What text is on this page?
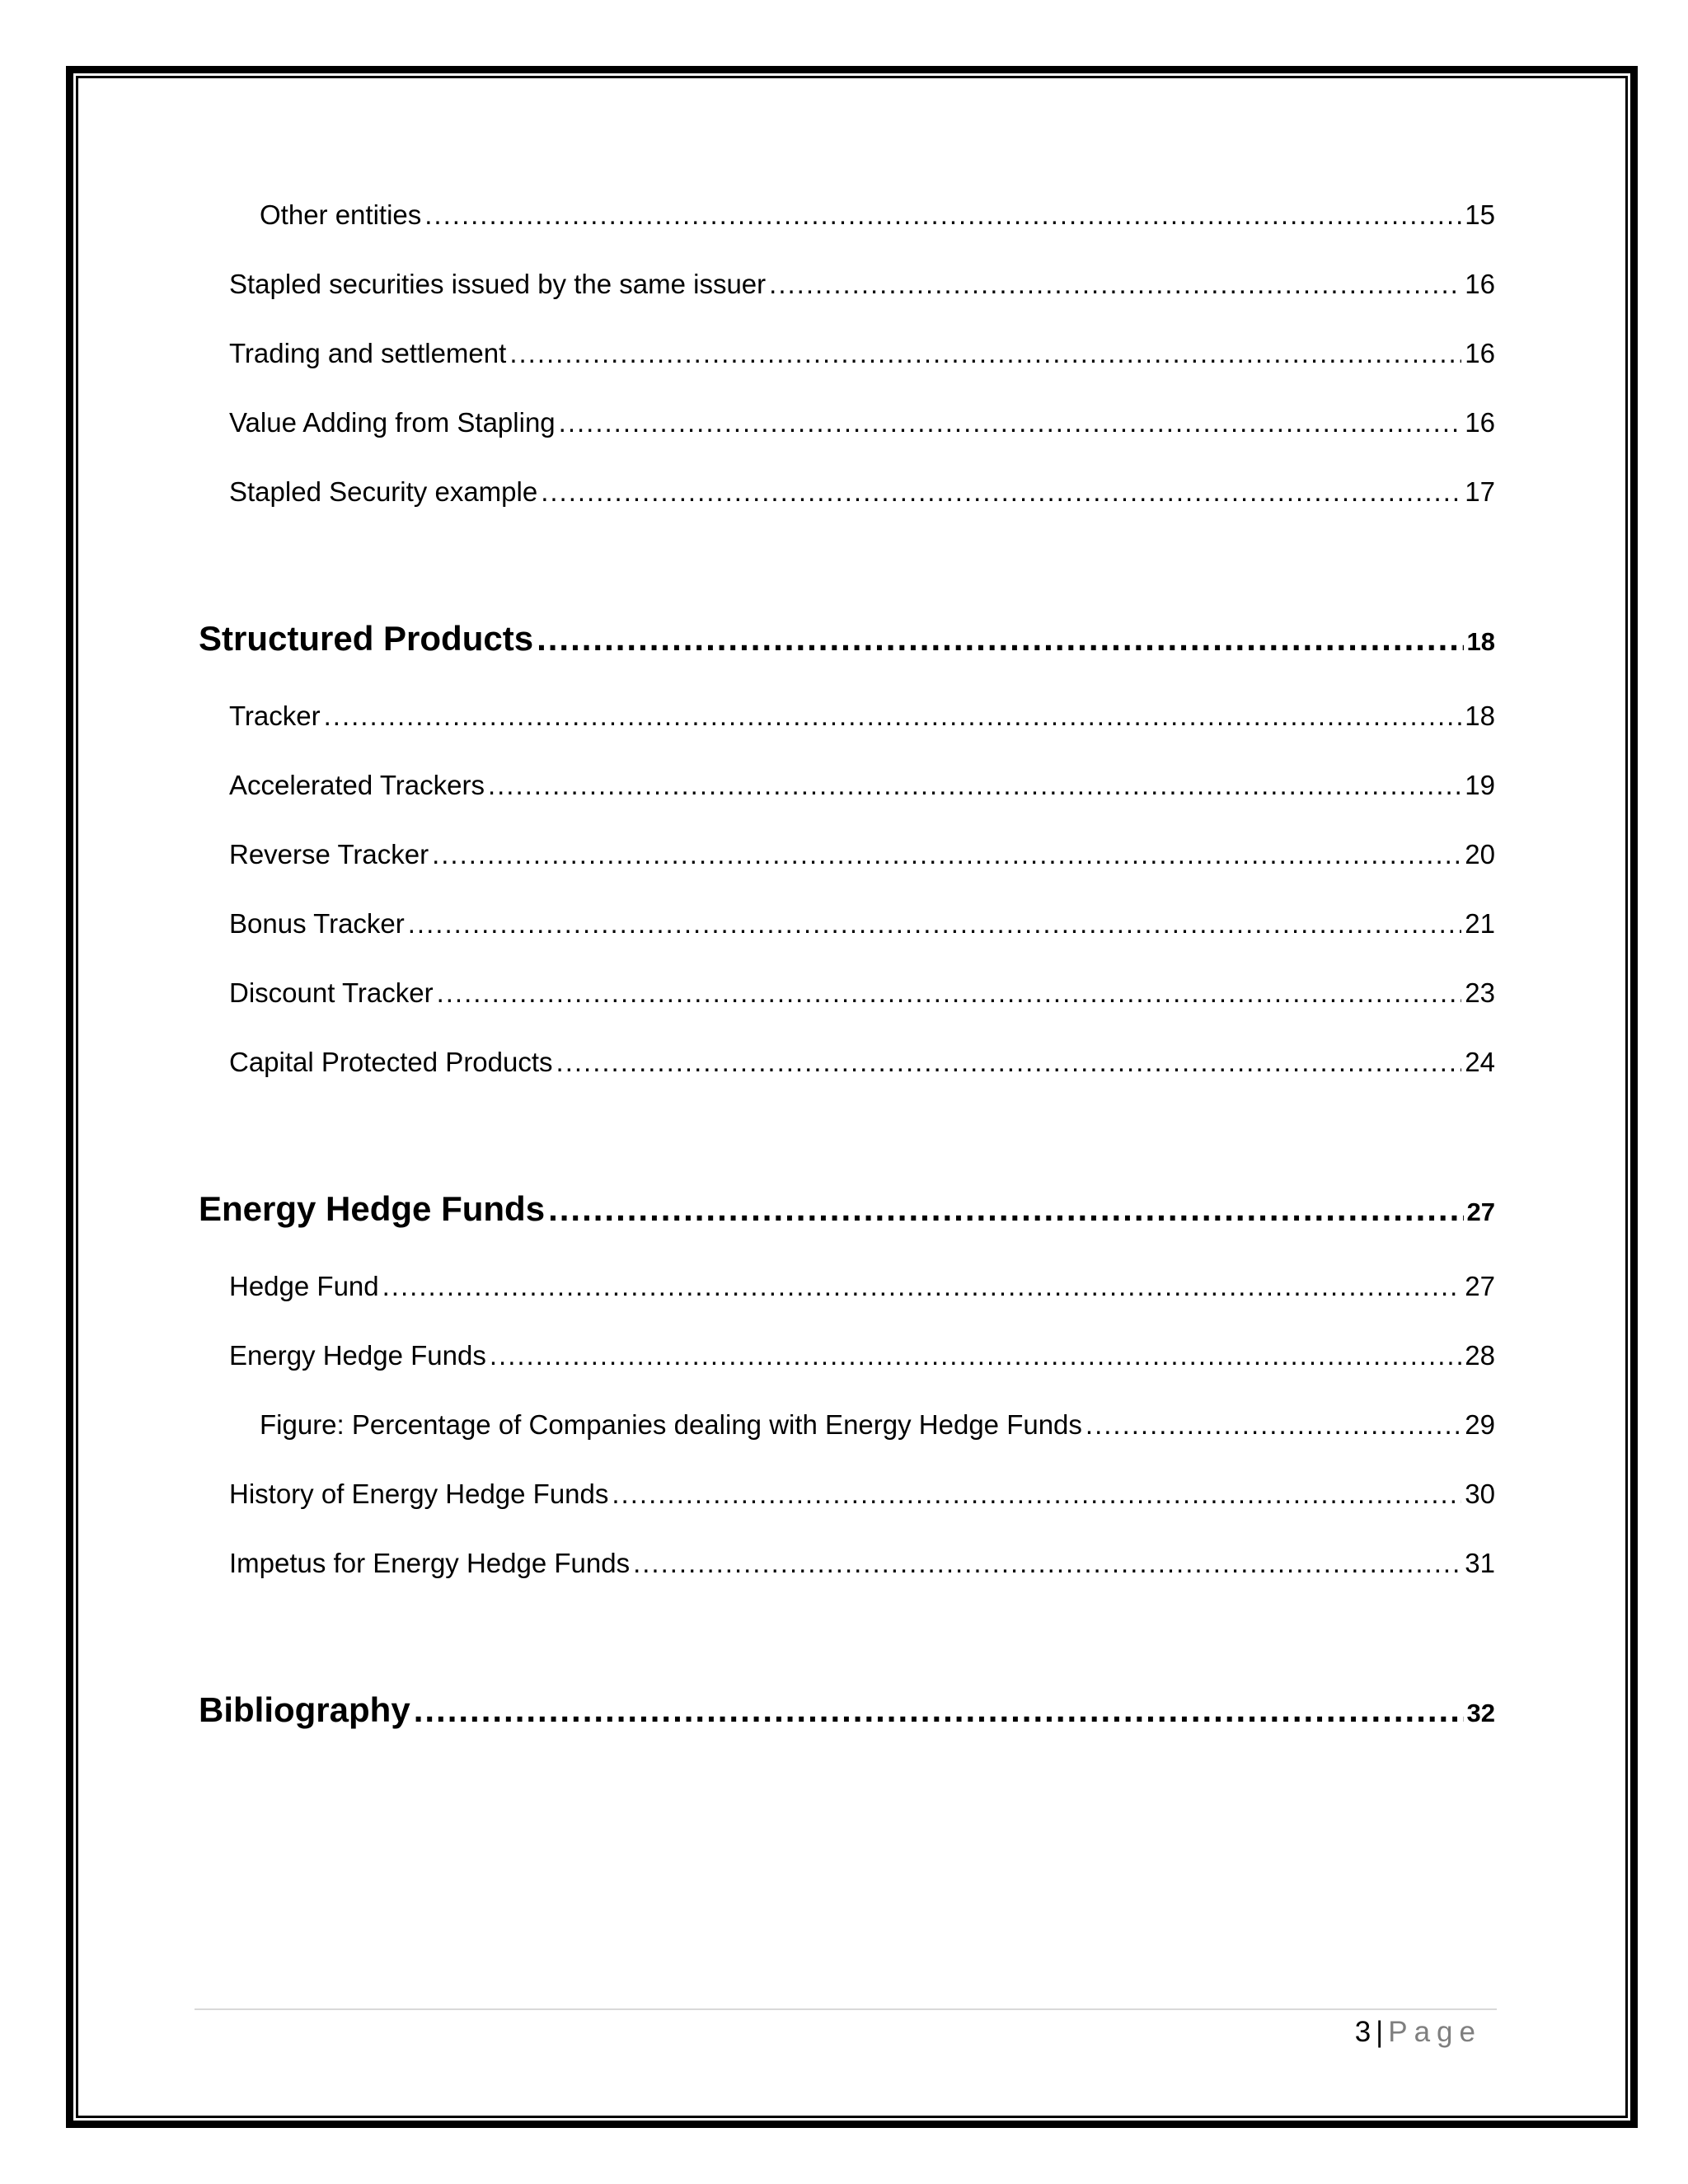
Other entities .....	15
Stapled securities issued by the same issuer .....	16
Trading and settlement .....	16
Value Adding from Stapling .....	16
Stapled Security example .....	17
Structured Products .....	18
Tracker .....	18
Accelerated Trackers .....	19
Reverse Tracker .....	20
Bonus Tracker .....	21
Discount Tracker .....	23
Capital Protected Products .....	24
Energy Hedge Funds .....	27
Hedge Fund .....	27
Energy Hedge Funds .....	28
Figure: Percentage of Companies dealing with Energy Hedge Funds .....	29
History of Energy Hedge Funds .....	30
Impetus for Energy Hedge Funds .....	31
Bibliography .....	32
3 | Page
